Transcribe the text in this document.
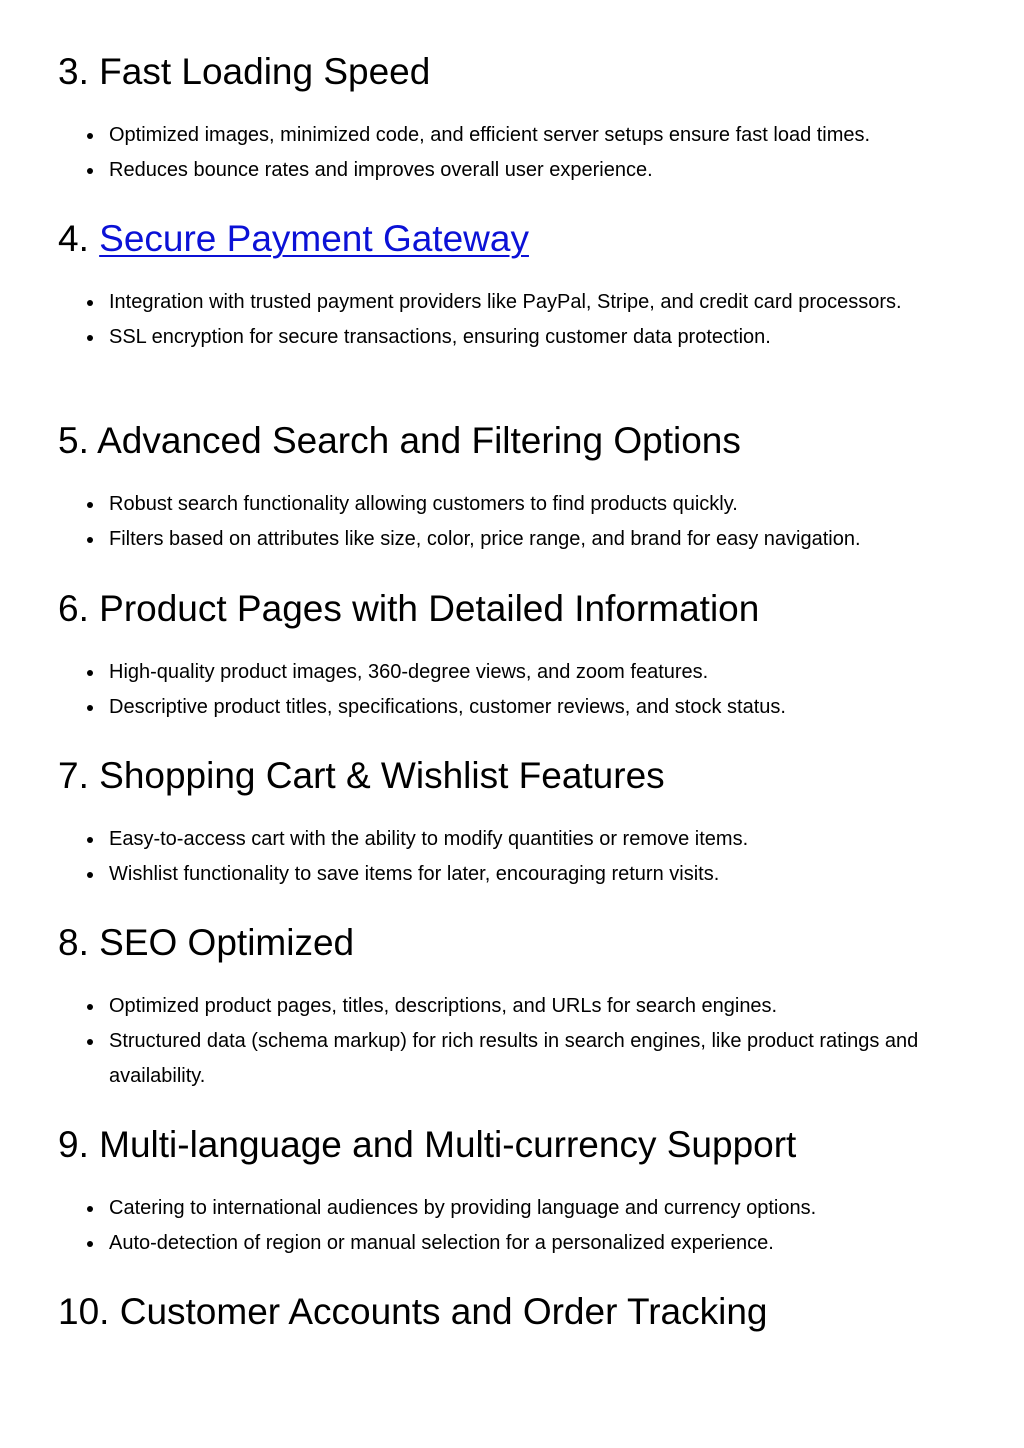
3. Fast Loading Speed
Optimized images, minimized code, and efficient server setups ensure fast load times.
Reduces bounce rates and improves overall user experience.
4. Secure Payment Gateway
Integration with trusted payment providers like PayPal, Stripe, and credit card processors.
SSL encryption for secure transactions, ensuring customer data protection.
5. Advanced Search and Filtering Options
Robust search functionality allowing customers to find products quickly.
Filters based on attributes like size, color, price range, and brand for easy navigation.
6. Product Pages with Detailed Information
High-quality product images, 360-degree views, and zoom features.
Descriptive product titles, specifications, customer reviews, and stock status.
7. Shopping Cart & Wishlist Features
Easy-to-access cart with the ability to modify quantities or remove items.
Wishlist functionality to save items for later, encouraging return visits.
8. SEO Optimized
Optimized product pages, titles, descriptions, and URLs for search engines.
Structured data (schema markup) for rich results in search engines, like product ratings and availability.
9. Multi-language and Multi-currency Support
Catering to international audiences by providing language and currency options.
Auto-detection of region or manual selection for a personalized experience.
10. Customer Accounts and Order Tracking
